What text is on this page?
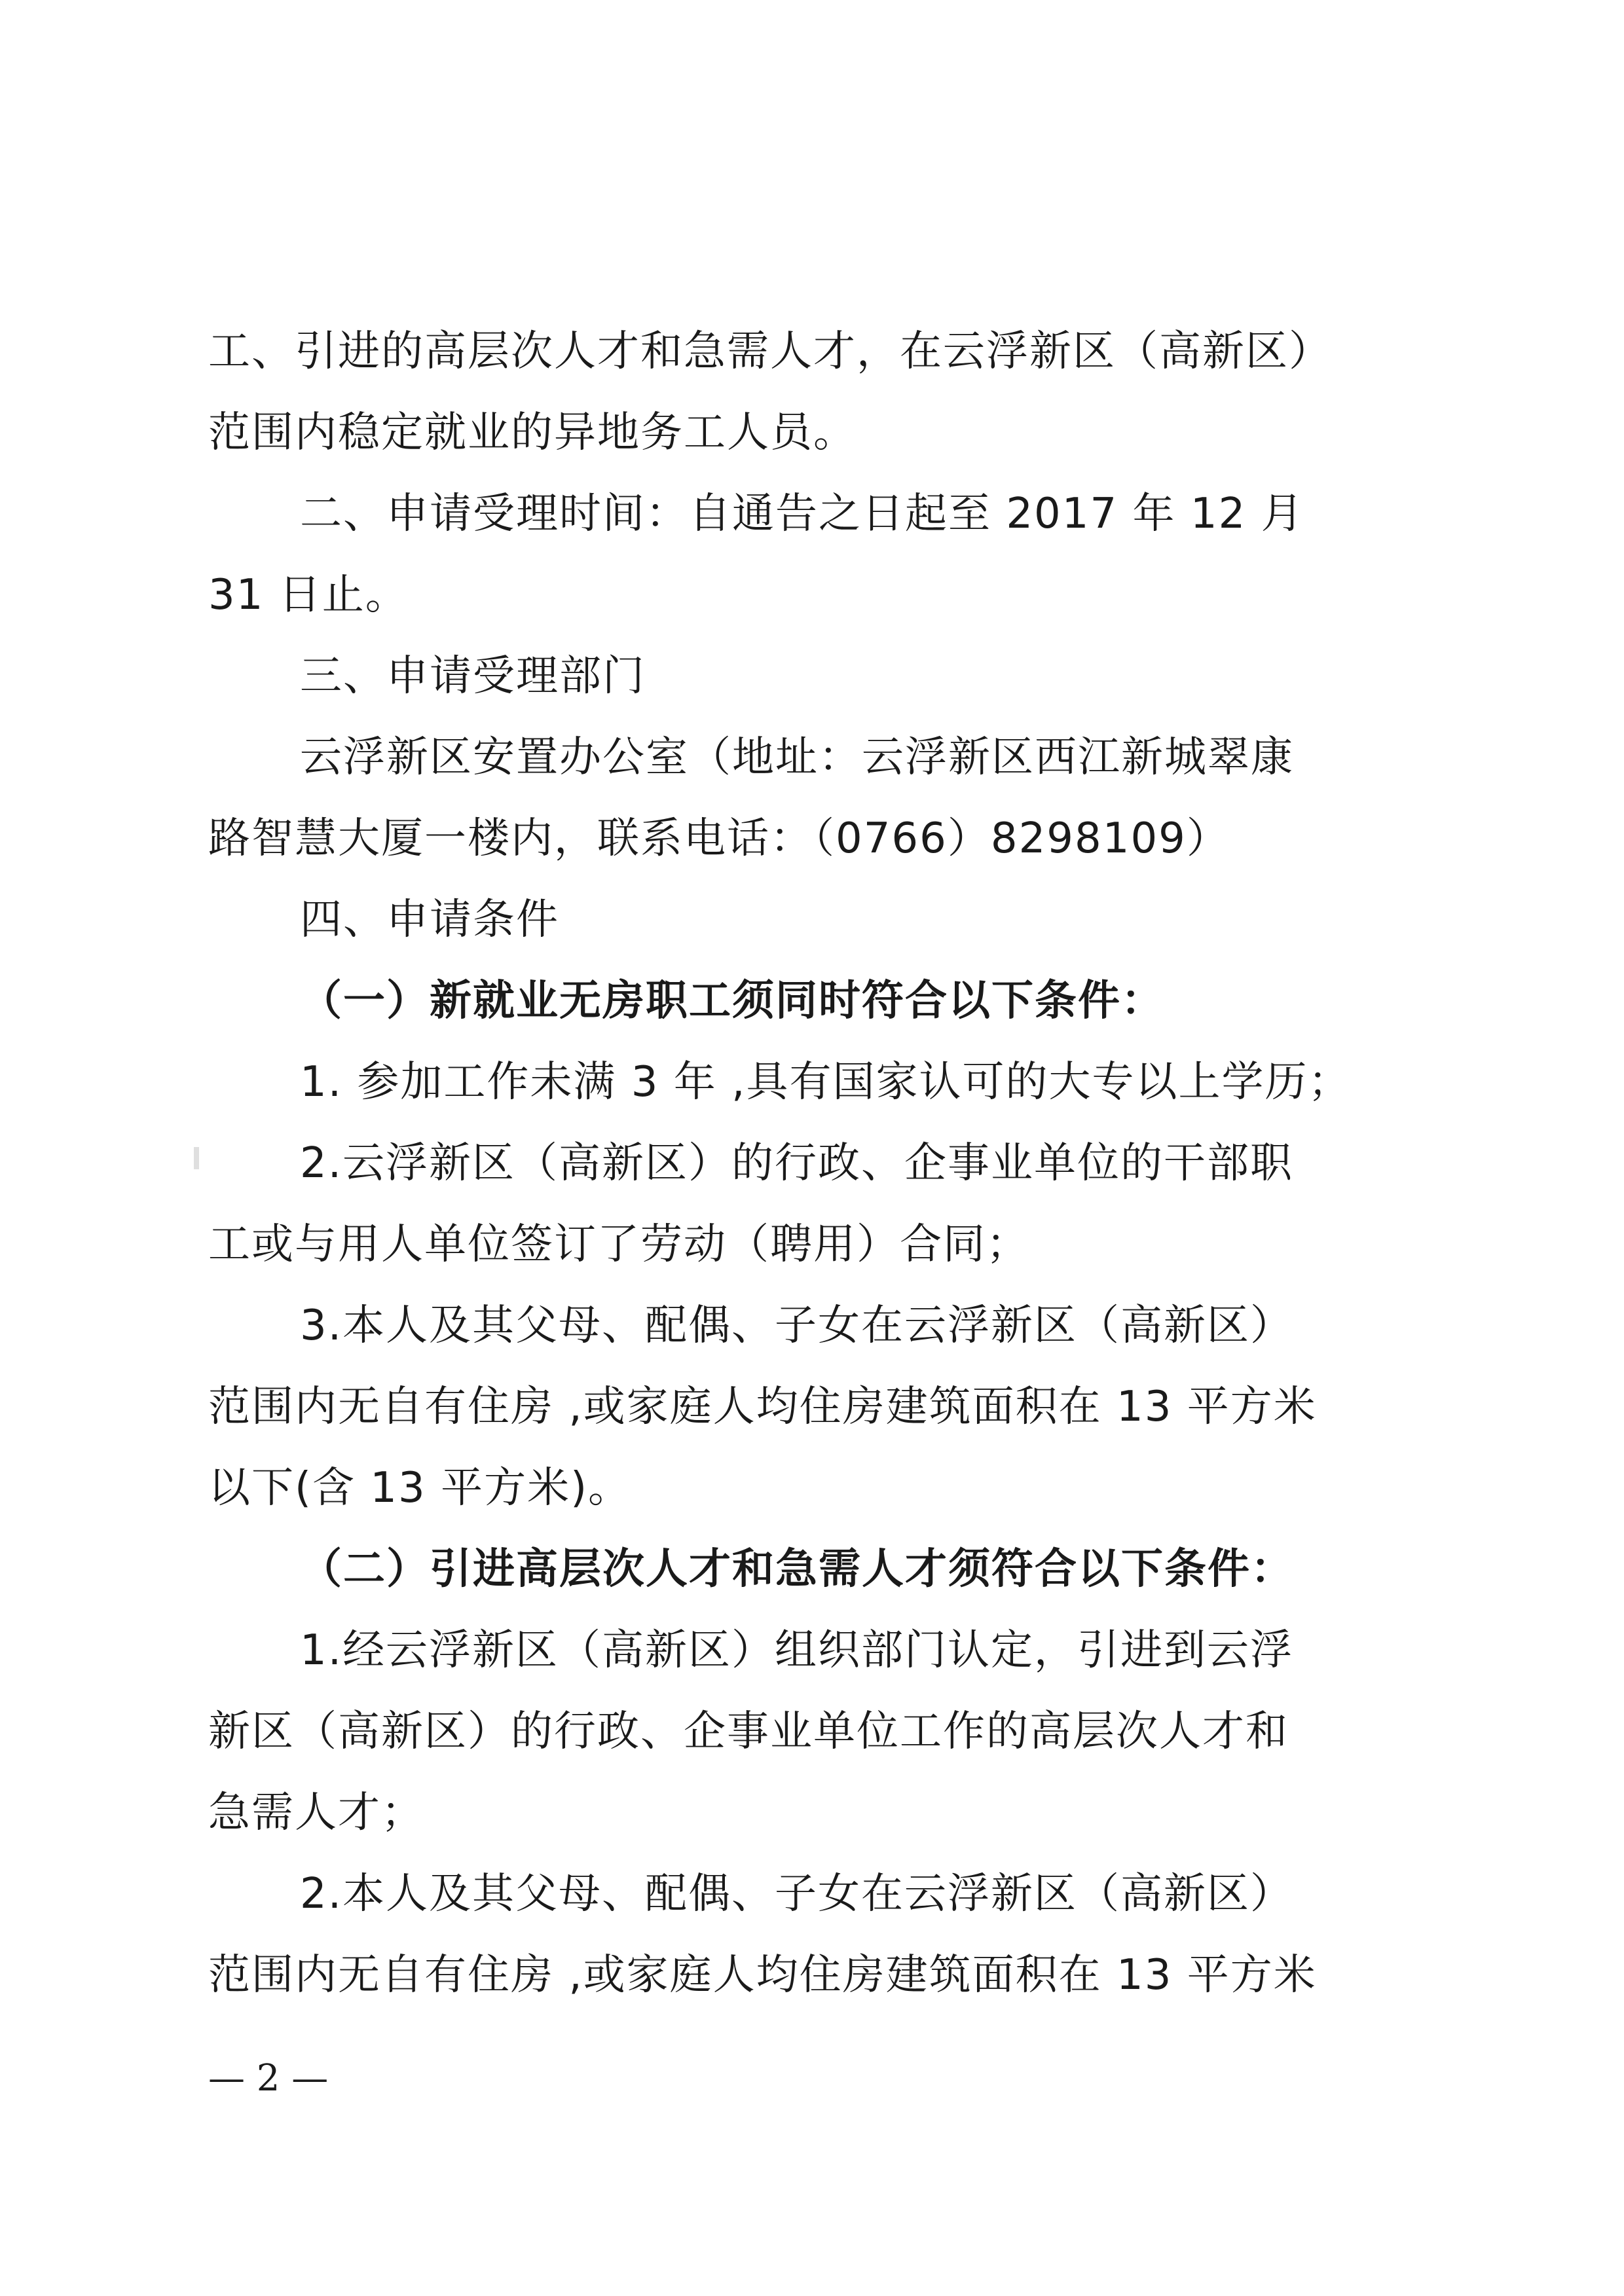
工、引进的高层次人才和急需人才，在云浮新区（高新区）
范围内稳定就业的异地务工人员。
二、申请受理时间：自通告之日起至 2017 年 12 月
31 日止。
三、申请受理部门
云浮新区安置办公室（地址：云浮新区西江新城翠康
路智慧大厦一楼内，联系电话：（0766）8298109）
四、申请条件
（一）新就业无房职工须同时符合以下条件：
1. 参加工作未满 3 年 ,具有国家认可的大专以上学历；
2.云浮新区（高新区）的行政、企事业单位的干部职
工或与用人单位签订了劳动（聘用）合同；
3.本人及其父母、配偶、子女在云浮新区（高新区）
范围内无自有住房 ,或家庭人均住房建筑面积在 13 平方米
以下(含 13 平方米)。
（二）引进高层次人才和急需人才须符合以下条件：
1.经云浮新区（高新区）组织部门认定，引进到云浮
新区（高新区）的行政、企事业单位工作的高层次人才和
急需人才；
2.本人及其父母、配偶、子女在云浮新区（高新区）
范围内无自有住房 ,或家庭人均住房建筑面积在 13 平方米
— 2 —
